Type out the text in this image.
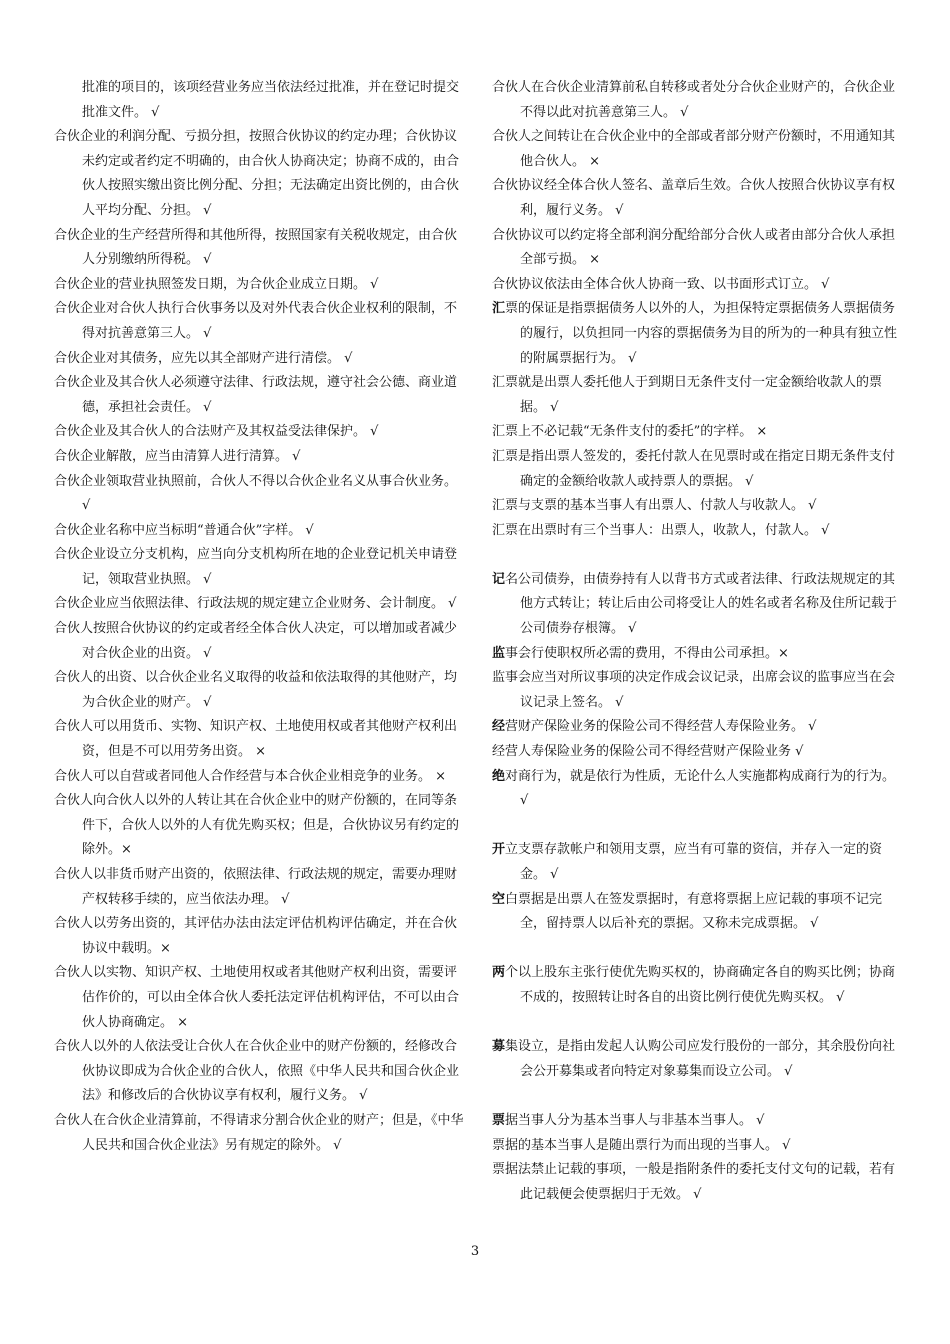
批准的项目的，该项经营业务应当依法经过批准，并在登记时提交批准文件。 √

合伙企业的利润分配、亏损分担，按照合伙协议的约定办理；合伙协议未约定或者约定不明确的，由合伙人协商决定；协商不成的，由合伙人按照实缴出资比例分配、分担；无法确定出资比例的，由合伙人平均分配、分担。 √

合伙企业的生产经营所得和其他所得，按照国家有关税收规定，由合伙人分别缴纳所得税。 √

合伙企业的营业执照签发日期，为合伙企业成立日期。 √

合伙企业对合伙人执行合伙事务以及对外代表合伙企业权利的限制，不得对抗善意第三人。 √

合伙企业对其债务，应先以其全部财产进行清偿。 √

合伙企业及其合伙人必须遵守法律、行政法规，遵守社会公德、商业道德，承担社会责任。 √

合伙企业及其合伙人的合法财产及其权益受法律保护。 √

合伙企业解散，应当由清算人进行清算。 √

合伙企业领取营业执照前，合伙人不得以合伙企业名义从事合伙业务。 √

合伙企业名称中应当标明“普通合伙”字样。 √

合伙企业设立分支机构，应当向分支机构所在地的企业登记机关申请登记，领取营业执照。 √

合伙企业应当依照法律、行政法规的规定建立企业财务、会计制度。 √

合伙人按照合伙协议的约定或者经全体合伙人决定，可以增加或者减少对合伙企业的出资。 √

合伙人的出资、以合伙企业名义取得的收益和依法取得的其他财产，均为合伙企业的财产。 √

合伙人可以用货币、实物、知识产权、土地使用权或者其他财产权利出资，但是不可以用劳务出资。 ×

合伙人可以自营或者同他人合作经营与本合伙企业相竞争的业务。 ×

合伙人向合伙人以外的人转让其在合伙企业中的财产份额的，在同等条件下，合伙人以外的人有优先购买权；但是，合伙协议另有约定的除外。×

合伙人以非货币财产出资的，依照法律、行政法规的规定，需要办理财产权转移手续的，应当依法办理。 √

合伙人以劳务出资的，其评估办法由法定评估机构评估确定，并在合伙协议中载明。×

合伙人以实物、知识产权、土地使用权或者其他财产权利出资，需要评估作价的，可以由全体合伙人委托法定评估机构评估，不可以由合伙人协商确定。 ×

合伙人以外的人依法受让合伙人在合伙企业中的财产份额的，经修改合伙协议即成为合伙企业的合伙人，依照《中华人民共和国合伙企业法》和修改后的合伙协议享有权利，履行义务。 √

合伙人在合伙企业清算前，不得请求分割合伙企业的财产；但是，《中华人民共和国合伙企业法》另有规定的除外。 √

合伙人在合伙企业清算前私自转移或者处分合伙企业财产的，合伙企业不得以此对抗善意第三人。 √

合伙人之间转让在合伙企业中的全部或者部分财产份额时，不用通知其他合伙人。 ×

合伙协议经全体合伙人签名、盖章后生效。合伙人按照合伙协议享有权利，履行义务。 √

合伙协议可以约定将全部利润分配给部分合伙人或者由部分合伙人承担全部亏损。 ×

合伙协议依法由全体合伙人协商一致、以书面形式订立。 √

汇票的保证是指票据债务人以外的人，为担保特定票据债务人票据债务的履行，以负担同一内容的票据债务为目的所为的一种具有独立性的附属票据行为。 √

汇票就是出票人委托他人于到期日无条件支付一定金额给收款人的票据。 √

汇票上不必记载“无条件支付的委托”的字样。 ×

汇票是指出票人签发的，委托付款人在见票时或在指定日期无条件支付确定的金额给收款人或持票人的票据。 √

汇票与支票的基本当事人有出票人、付款人与收款人。 √

汇票在出票时有三个当事人：出票人，收款人，付款人。 √

记名公司债券，由债券持有人以背书方式或者法律、行政法规规定的其他方式转让；转让后由公司将受让人的姓名或者名称及住所记载于公司债券存根簿。 √

监事会行使职权所必需的费用，不得由公司承担。×

监事会应当对所议事项的决定作成会议记录，出席会议的监事应当在会议记录上签名。 √

经营财产保险业务的保险公司不得经营人寿保险业务。 √

经营人寿保险业务的保险公司不得经营财产保险业务 √

绝对商行为，就是依行为性质，无论什么人实施都构成商行为的行为。 √

开立支票存款帐户和领用支票，应当有可靠的资信，并存入一定的资金。 √

空白票据是出票人在签发票据时，有意将票据上应记载的事项不记完全，留持票人以后补充的票据。又称未完成票据。 √

两个以上股东主张行使优先购买权的，协商确定各自的购买比例；协商不成的，按照转让时各自的出资比例行使优先购买权。 √

募集设立，是指由发起人认购公司应发行股份的一部分，其余股份向社会公开募集或者向特定对象募集而设立公司。 √

票据当事人分为基本当事人与非基本当事人。 √

票据的基本当事人是随出票行为而出现的当事人。 √

票据法禁止记载的事项，一般是指附条件的委托支付文句的记载，若有此记载便会使票据归于无效。 √

3
